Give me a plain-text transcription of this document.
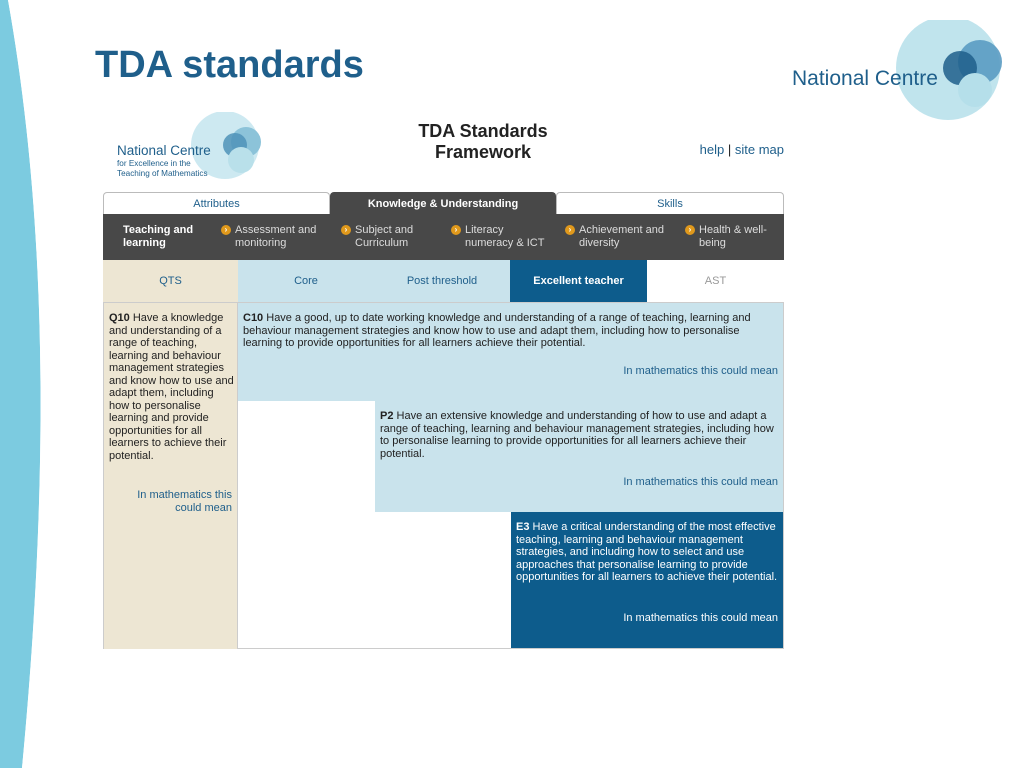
TDA standards	National Centre
National Centre
for Excellence in the
Teaching of Mathematics
TDA Standards
Framework	help | site map
Attributes	Knowledge & Understanding	Skills
Teaching and
learning
› Assessment and
monitoring
› Subject and
Curriculum
› Literacy
numeracy & ICT
› Achievement and
diversity
› Health & well-
being
QTS	Core	Post threshold	Excellent teacher	AST
Q10 Have a knowledge and understanding of a range of teaching, learning and behaviour management strategies and know how to use and adapt them, including how to personalise learning and provide opportunities for all learners to achieve their potential.
In mathematics this could mean
C10 Have a good, up to date working knowledge and understanding of a range of teaching, learning and behaviour management strategies and know how to use and adapt them, including how to personalise learning to provide opportunities for all learners achieve their potential.
In mathematics this could mean
P2 Have an extensive knowledge and understanding of how to use and adapt a range of teaching, learning and behaviour management strategies, including how to personalise learning to provide opportunities for all learners achieve their potential.
In mathematics this could mean
E3 Have a critical understanding of the most effective teaching, learning and behaviour management strategies, and including how to select and use approaches that personalise learning to provide opportunities for all learners to achieve their potential.
In mathematics this could mean
